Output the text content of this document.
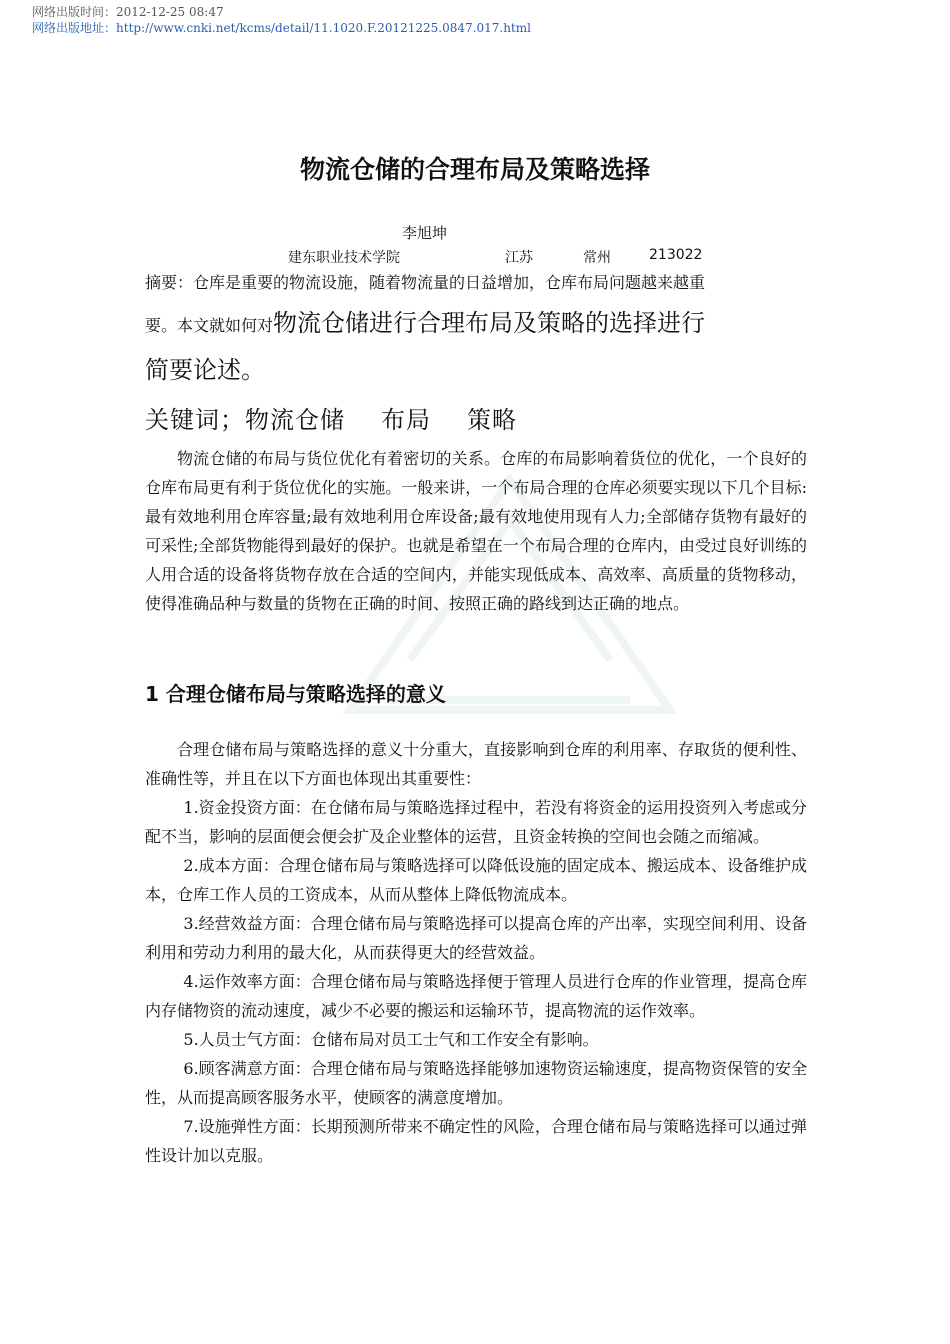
网络出版时间：2012-12-25 08:47
网络出版地址：http://www.cnki.net/kcms/detail/11.1020.F.20121225.0847.017.html
物流仓储的合理布局及策略选择
李旭坤
建东职业技术学院	江苏	常州	213022
摘要：仓库是重要的物流设施，随着物流量的日益增加，仓库布局问题越来越重
要。本文就如何对物流仓储进行合理布局及策略的选择进行
简要论述。
关键词；物流仓储 布局 策略

物流仓储的布局与货位优化有着密切的关系。仓库的布局影响着货位的优化，一个良好的仓库布局更有利于货位优化的实施。一般来讲，一个布局合理的仓库必须要实现以下几个目标:最有效地利用仓库容量;最有效地利用仓库设备;最有效地使用现有人力;全部储存货物有最好的可采性;全部货物能得到最好的保护。也就是希望在一个布局合理的仓库内，由受过良好训练的人用合适的设备将货物存放在合适的空间内，并能实现低成本、高效率、高质量的货物移动，使得准确品种与数量的货物在正确的时间、按照正确的路线到达正确的地点。

1 合理仓储布局与策略选择的意义

合理仓储布局与策略选择的意义十分重大，直接影响到仓库的利用率、存取货的便利性、准确性等，并且在以下方面也体现出其重要性：

1.资金投资方面：在仓储布局与策略选择过程中，若没有将资金的运用投资列入考虑或分配不当，影响的层面便会便会扩及企业整体的运营，且资金转换的空间也会随之而缩减。

2.成本方面：合理仓储布局与策略选择可以降低设施的固定成本、搬运成本、设备维护成本，仓库工作人员的工资成本，从而从整体上降低物流成本。

3.经营效益方面：合理仓储布局与策略选择可以提高仓库的产出率，实现空间利用、设备利用和劳动力利用的最大化，从而获得更大的经营效益。

4.运作效率方面：合理仓储布局与策略选择便于管理人员进行仓库的作业管理，提高仓库内存储物资的流动速度，减少不必要的搬运和运输环节，提高物流的运作效率。

5.人员士气方面：仓储布局对员工士气和工作安全有影响。

6.顾客满意方面：合理仓储布局与策略选择能够加速物资运输速度，提高物资保管的安全性，从而提高顾客服务水平，使顾客的满意度增加。

7.设施弹性方面：长期预测所带来不确定性的风险，合理仓储布局与策略选择可以通过弹性设计加以克服。
